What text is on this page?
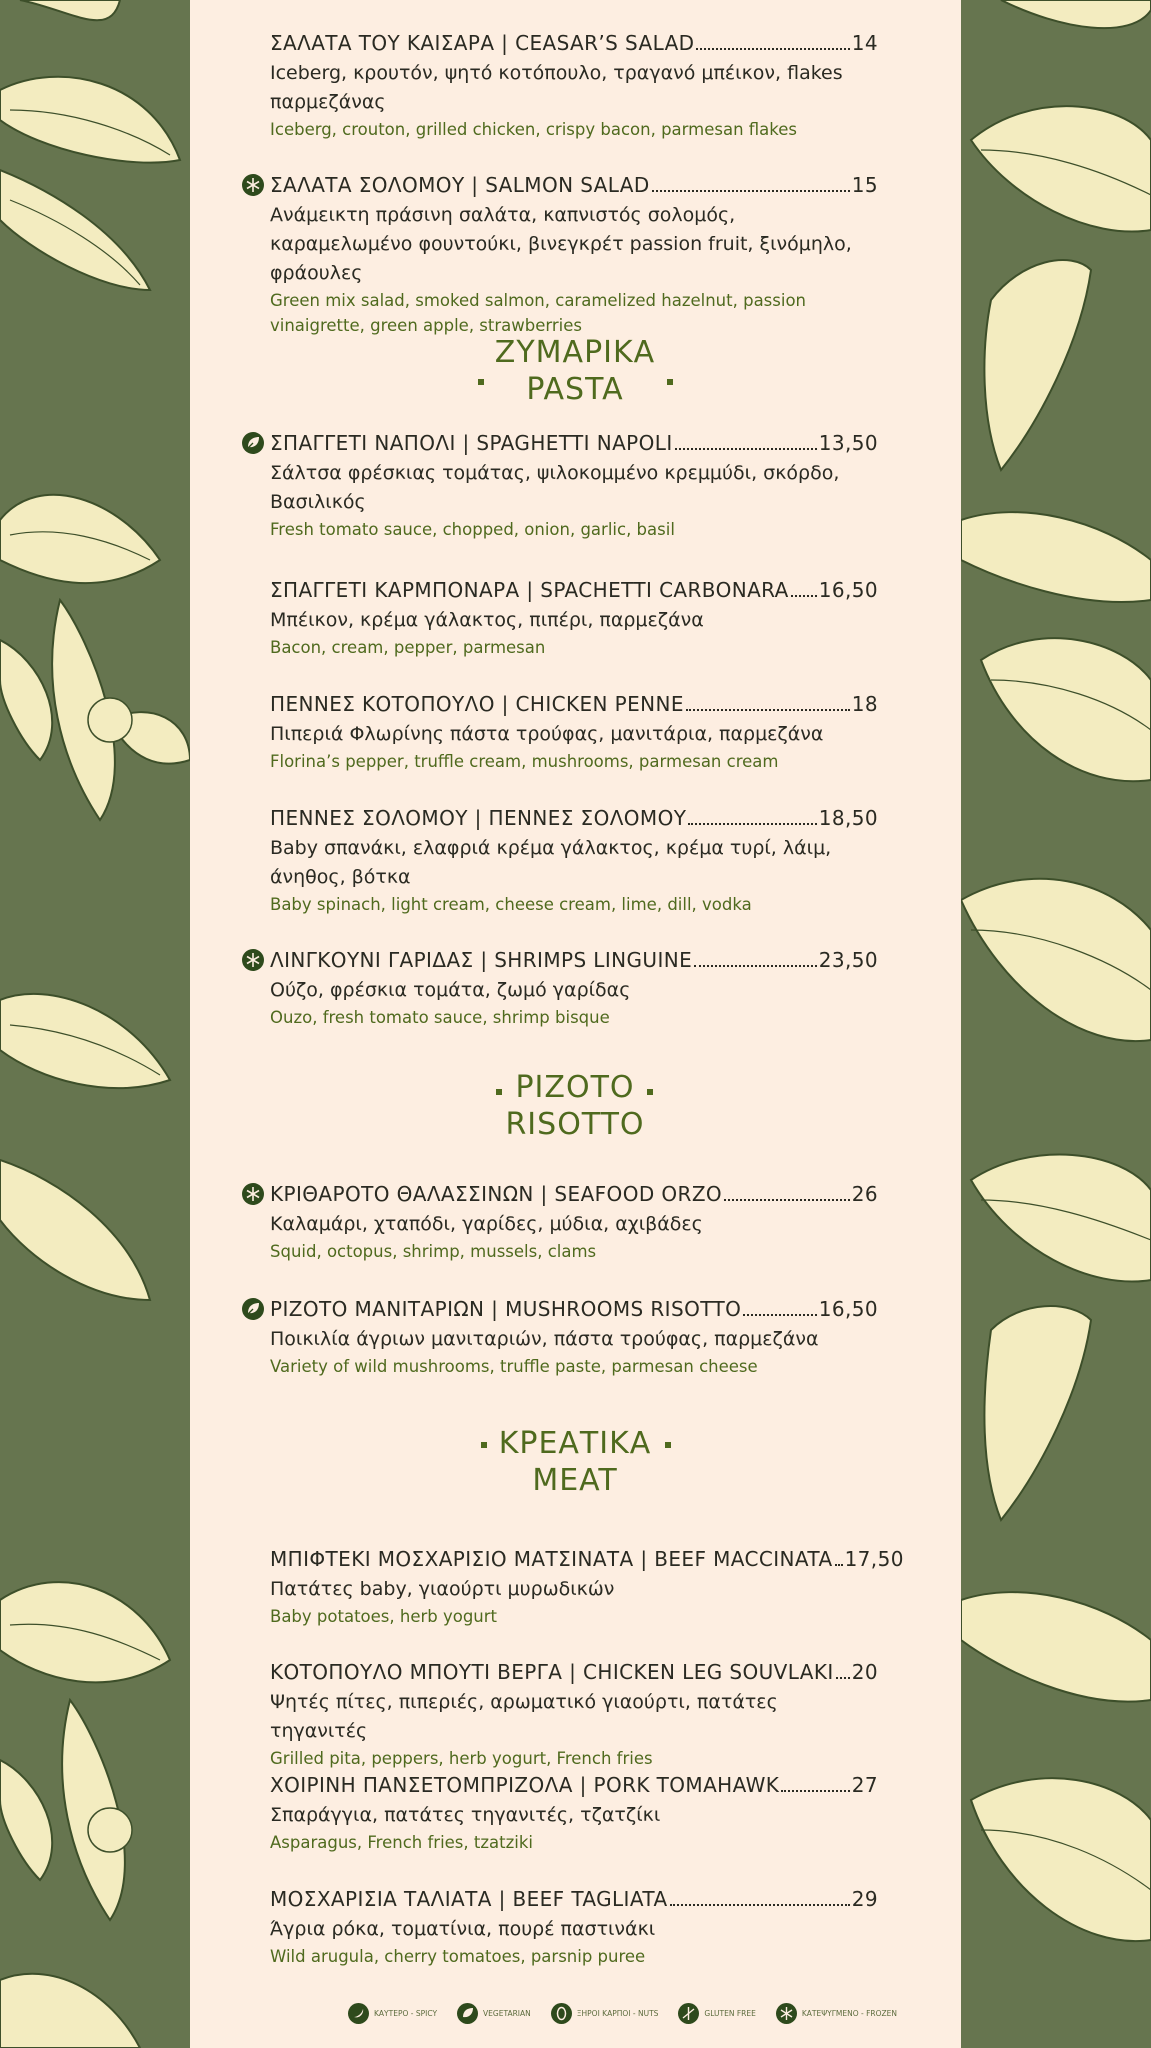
ΣΑΛΑΤΑ ΤΟΥ ΚΑΙΣΑΡΑ | CEASAR’S SALAD	14
Iceberg, κρουτόν, ψητό κοτόπουλο, τραγανό μπέικον, flakes παρμεζάνας
Iceberg, crouton, grilled chicken, crispy bacon, parmesan flakes
ΣΑΛΑΤΑ ΣΟΛΟΜΟΥ | SALMON SALAD	15
Ανάμεικτη πράσινη σαλάτα, καπνιστός σολομός, καραμελωμένο φουντούκι, βινεγκρέτ passion fruit, ξινόμηλο, φράουλες
Green mix salad, smoked salmon, caramelized hazelnut, passion vinaigrette, green apple, strawberries
ΖΥΜΑΡΙΚΑ
PASTA
ΣΠΑΓΓΕΤΙ ΝΑΠΟΛΙ | SPAGHETTI NAPOLI	13,50
Σάλτσα φρέσκιας τομάτας, ψιλοκομμένο κρεμμύδι, σκόρδο, Βασιλικός
Fresh tomato sauce, chopped, onion, garlic, basil
ΣΠΑΓΓΕΤΙ ΚΑΡΜΠΟΝΑΡΑ | SPACHETTI CARBONARA 16,50
Μπέικον, κρέμα γάλακτος, πιπέρι, παρμεζάνα
Bacon, cream, pepper, parmesan
ΠΕΝΝΕΣ ΚΟΤΟΠΟΥΛΟ | CHICKEN PENNE	18
Πιπεριά Φλωρίνης πάστα τρούφας, μανιτάρια, παρμεζάνα
Florina’s pepper, truffle cream, mushrooms, parmesan cream
ΠΕΝΝΕΣ ΣΟΛΟΜΟΥ | ΠΕΝΝΕΣ ΣΟΛΟΜΟΥ	18,50
Baby σπανάκι, ελαφριά κρέμα γάλακτος, κρέμα τυρί, λάιμ, άνηθος, βότκα
Baby spinach, light cream, cheese cream, lime, dill, vodka
ΛΙΝΓΚΟΥΝΙ ΓΑΡΙΔΑΣ | SHRIMPS LINGUINE	23,50
Ούζο, φρέσκια τομάτα, ζωμό γαρίδας
Ouzo, fresh tomato sauce, shrimp bisque
ΡΙΖΟΤΟ
RISOTTO
ΚΡΙΘΑΡΟΤΟ ΘΑΛΑΣΣΙΝΩΝ | SEAFOOD ORZO	26
Καλαμάρι, χταπόδι, γαρίδες, μύδια, αχιβάδες
Squid, octopus, shrimp, mussels, clams
ΡΙΖΟΤΟ ΜΑΝΙΤΑΡΙΩΝ | MUSHROOMS RISOTTO	16,50
Ποικιλία άγριων μανιταριών, πάστα τρούφας, παρμεζάνα
Variety of wild mushrooms, truffle paste, parmesan cheese
ΚΡΕΑΤΙΚΑ
MEAT
ΜΠΙΦΤΕΚΙ ΜΟΣΧΑΡΙΣΙΟ ΜΑΤΣΙΝΑΤΑ | BEEF MACCINATA 17,50
Πατάτες baby, γιαούρτι μυρωδικών
Baby potatoes, herb yogurt
ΚΟΤΟΠΟΥΛΟ ΜΠΟΥΤΙ ΒΕΡΓΑ | CHICKEN LEG SOUVLAKI 20
Ψητές πίτες, πιπεριές, αρωματικό γιαούρτι, πατάτες τηγανιτές
Grilled pita, peppers, herb yogurt, French fries
ΧΟΙΡΙΝΗ ΠΑΝΣΕΤΟΜΠΡΙΖΟΛΑ | PORK TOMAHAWK	27
Σπαράγγια, πατάτες τηγανιτές, τζατζίκι
Asparagus, French fries, tzatziki
ΜΟΣΧΑΡΙΣΙΑ ΤΑΛΙΑΤΑ | BEEF TAGLIATA	29
Άγρια ρόκα, τοματίνια, πουρέ παστινάκι
Wild arugula, cherry tomatoes, parsnip puree
ΚΑΥΤΕΡΟ - SPICY	VEGETARIAN	ΞΗΡΟΙ ΚΑΡΠΟΙ - NUTS	GLUTEN FREE	ΚΑΤΕΨΥΓΜΕΝΟ - FROZEN
